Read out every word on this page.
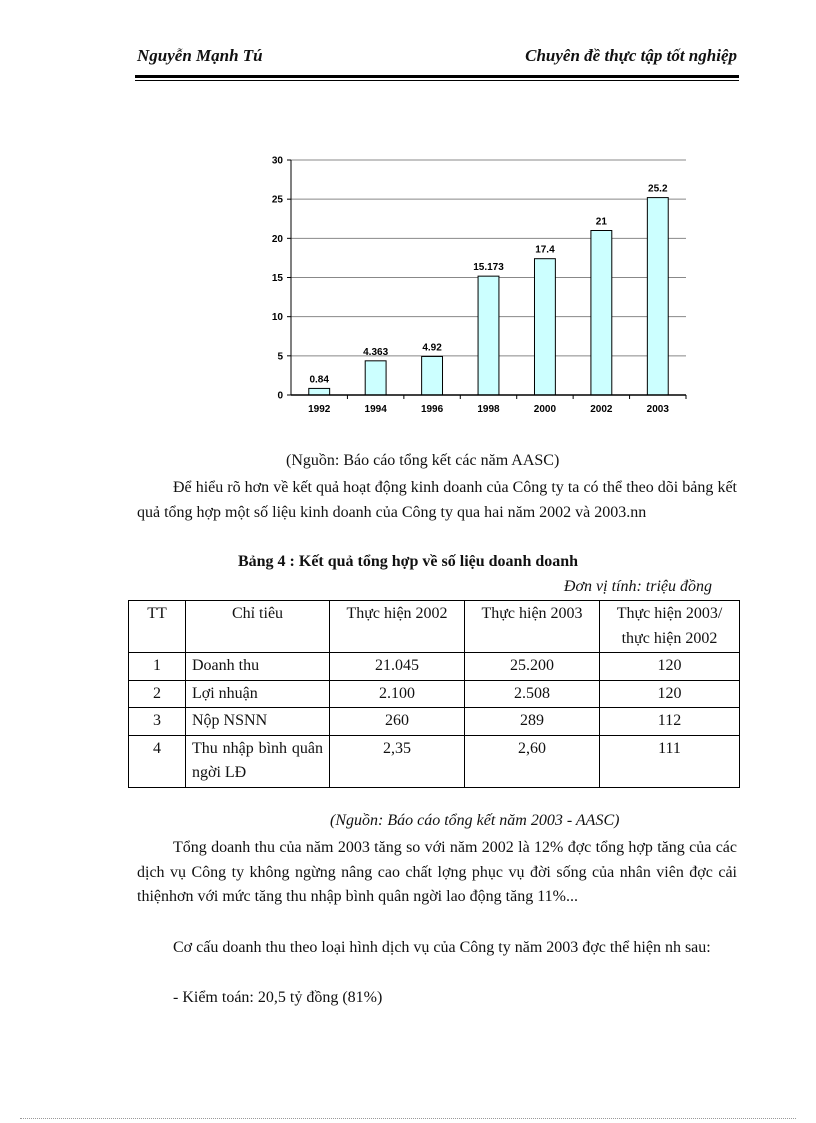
Nguyễn Mạnh Tú	Chuyên đề thực tập tốt nghiệp
0
5
10
15
20
25
30
0.84
1992
4.363
1994
4.92
1996
15.173
1998
17.4
2000
21
2002
25.2
2003
(Nguồn: Báo cáo tổng kết các năm AASC)
Để hiểu rõ hơn về kết quả hoạt động kinh doanh của Công ty ta có thể theo dõi bảng kết quả tổng hợp một số liệu kinh doanh của Công ty qua hai năm 2002 và 2003.nn
Bảng 4 : Kết quả tổng hợp về số liệu doanh doanh
Đơn vị tính: triệu đồng
TT	Chỉ tiêu	Thực hiện 2002	Thực hiện 2003	Thực hiện 2003/ thực hiện 2002
1	Doanh thu	21.045	25.200	120
2	Lợi nhuận	2.100	2.508	120
3	Nộp NSNN	260	289	112
4	Thu nhập bình quân ngời LĐ	2,35	2,60	111
(Nguồn: Báo cáo tổng kết năm 2003 - AASC)
Tổng doanh thu của năm 2003 tăng so với năm 2002 là 12% đợc tổng hợp tăng của các dịch vụ Công ty không ngừng nâng cao chất lợng phục vụ đời sống của nhân viên đợc cải thiệnhơn với mức tăng thu nhập bình quân ngời lao động tăng 11%...
Cơ cấu doanh thu theo loại hình dịch vụ của Công ty năm 2003 đợc thể hiện nh sau:
- Kiểm toán: 20,5 tỷ đồng (81%)
